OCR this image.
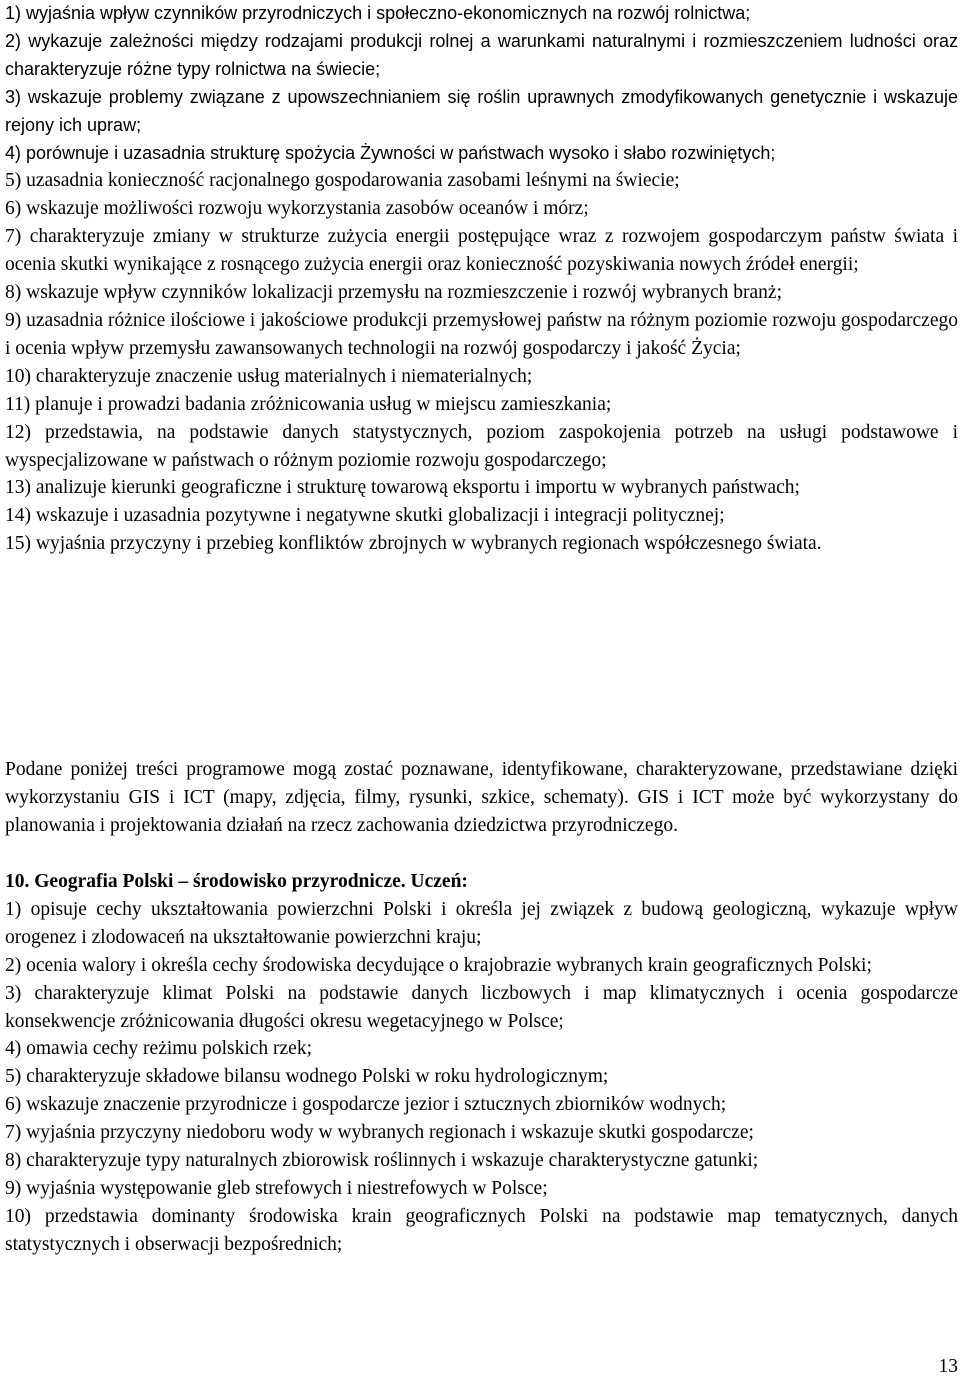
1) wyjaśnia wpływ czynników przyrodniczych i społeczno-ekonomicznych na rozwój rolnictwa;

2) wykazuje zależności między rodzajami produkcji rolnej a warunkami naturalnymi i rozmieszczeniem ludności oraz charakteryzuje różne typy rolnictwa na świecie;

3) wskazuje problemy związane z upowszechnianiem się roślin uprawnych zmodyfikowanych genetycznie i wskazuje rejony ich upraw;

4) porównuje i uzasadnia strukturę spożycia Żywności w państwach wysoko i słabo rozwiniętych;

5) uzasadnia konieczność racjonalnego gospodarowania zasobami leśnymi na świecie;

6) wskazuje możliwości rozwoju wykorzystania zasobów oceanów i mórz;

7) charakteryzuje zmiany w strukturze zużycia energii postępujące wraz z rozwojem gospodarczym państw świata i ocenia skutki wynikające z rosnącego zużycia energii oraz konieczność pozyskiwania nowych źródeł energii;

8) wskazuje wpływ czynników lokalizacji przemysłu na rozmieszczenie i rozwój wybranych branż;

9) uzasadnia różnice ilościowe i jakościowe produkcji przemysłowej państw na różnym poziomie rozwoju gospodarczego i ocenia wpływ przemysłu zawansowanych technologii na rozwój gospodarczy i jakość Życia;

10) charakteryzuje znaczenie usług materialnych i niematerialnych;

11) planuje i prowadzi badania zróżnicowania usług w miejscu zamieszkania;

12) przedstawia, na podstawie danych statystycznych, poziom zaspokojenia potrzeb na usługi podstawowe i wyspecjalizowane w państwach o różnym poziomie rozwoju gospodarczego;

13) analizuje kierunki geograficzne i strukturę towarową eksportu i importu w wybranych państwach;

14) wskazuje i uzasadnia pozytywne i negatywne skutki globalizacji i integracji politycznej;

15) wyjaśnia przyczyny i przebieg konfliktów zbrojnych w wybranych regionach współczesnego świata.

Podane poniżej treści programowe mogą zostać poznawane, identyfikowane, charakteryzowane, przedstawiane dzięki wykorzystaniu GIS i ICT (mapy, zdjęcia, filmy, rysunki, szkice, schematy). GIS i ICT może być wykorzystany do planowania i projektowania działań na rzecz zachowania dziedzictwa przyrodniczego.

10. Geografia Polski – środowisko przyrodnicze. Uczeń:

1) opisuje cechy ukształtowania powierzchni Polski i określa jej związek z budową geologiczną, wykazuje wpływ orogenez i zlodowaceń na ukształtowanie powierzchni kraju;

2) ocenia walory i określa cechy środowiska decydujące o krajobrazie wybranych krain geograficznych Polski;

3) charakteryzuje klimat Polski na podstawie danych liczbowych i map klimatycznych i ocenia gospodarcze konsekwencje zróżnicowania długości okresu wegetacyjnego w Polsce;

4) omawia cechy reżimu polskich rzek;

5) charakteryzuje składowe bilansu wodnego Polski w roku hydrologicznym;

6) wskazuje znaczenie przyrodnicze i gospodarcze jezior i sztucznych zbiorników wodnych;

7) wyjaśnia przyczyny niedoboru wody w wybranych regionach i wskazuje skutki gospodarcze;

8) charakteryzuje typy naturalnych zbiorowisk roślinnych i wskazuje charakterystyczne gatunki;

9) wyjaśnia występowanie gleb strefowych i niestrefowych w Polsce;

10) przedstawia dominanty środowiska krain geograficznych Polski na podstawie map tematycznych, danych statystycznych i obserwacji bezpośrednich;

13
